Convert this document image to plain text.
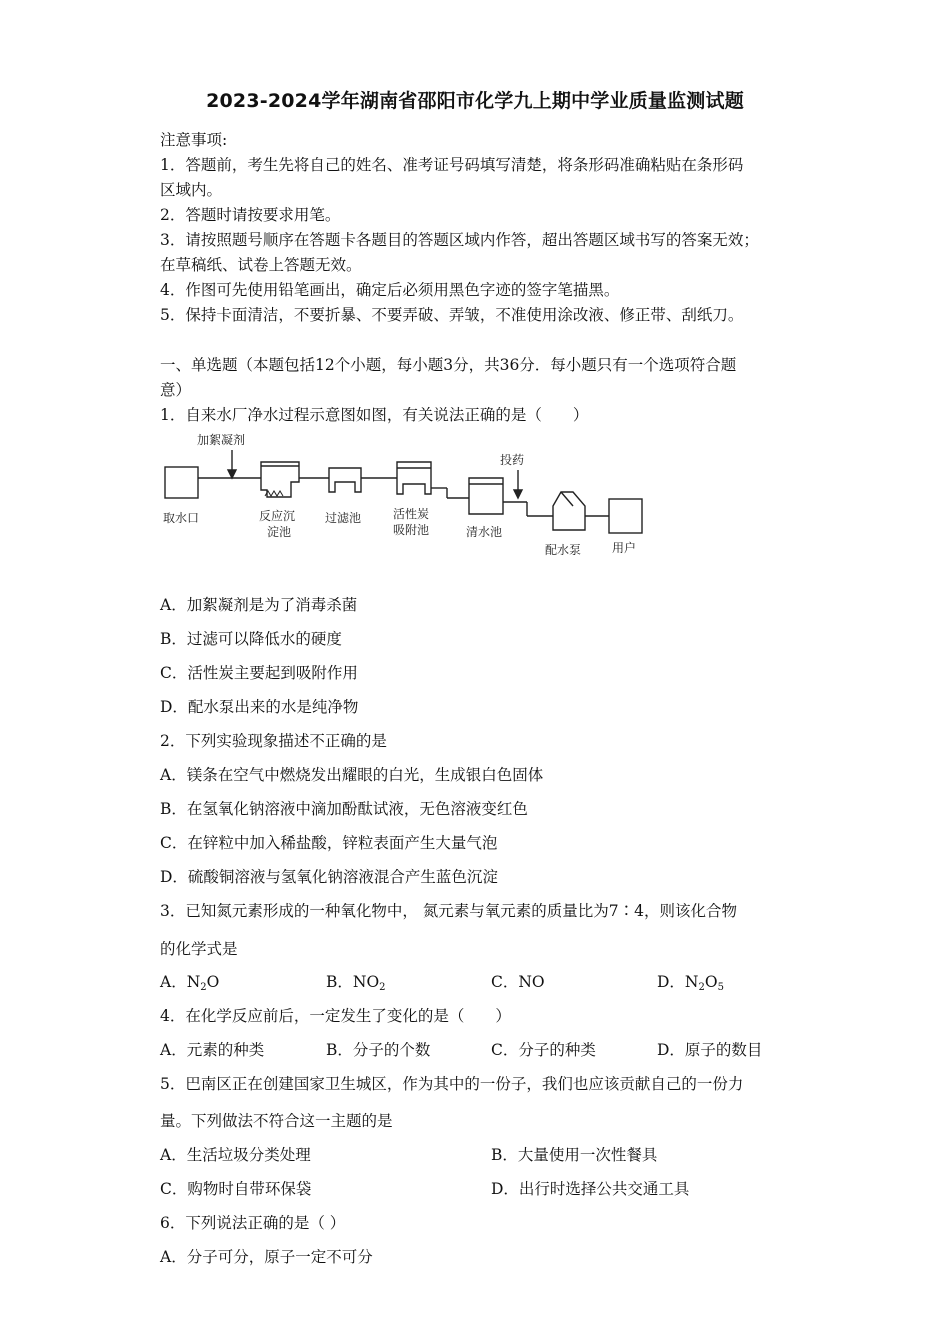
2023-2024学年湖南省邵阳市化学九上期中学业质量监测试题
注意事项:
1．答题前，考生先将自己的姓名、准考证号码填写清楚，将条形码准确粘贴在条形码
区域内。
2．答题时请按要求用笔。
3．请按照题号顺序在答题卡各题目的答题区域内作答，超出答题区域书写的答案无效；
在草稿纸、试卷上答题无效。
4．作图可先使用铅笔画出，确定后必须用黑色字迹的签字笔描黑。
5．保持卡面清洁，不要折暴、不要弄破、弄皱，不准使用涂改液、修正带、刮纸刀。
一、单选题（本题包括12个小题，每小题3分，共36分．每小题只有一个选项符合题
意）
1．自来水厂净水过程示意图如图，有关说法正确的是（　　）
加絮凝剂
投药
取水口	反应沉
淀池
过滤池	活性炭
吸附池	清水池
配水泵	用户
A．加絮凝剂是为了消毒杀菌
B．过滤可以降低水的硬度
C．活性炭主要起到吸附作用
D．配水泵出来的水是纯净物
2．下列实验现象描述不正确的是
A．镁条在空气中燃烧发出耀眼的白光，生成银白色固体
B．在氢氧化钠溶液中滴加酚酞试液，无色溶液变红色
C．在锌粒中加入稀盐酸，锌粒表面产生大量气泡
D．硫酸铜溶液与氢氧化钠溶液混合产生蓝色沉淀
3．已知氮元素形成的一种氧化物中， 氮元素与氧元素的质量比为7∶4，则该化合物
的化学式是
A．$N_2O$	B．$NO_2$	C．NO	D．$N_2O_5$
4．在化学反应前后，一定发生了变化的是（　　）
A．元素的种类	B．分子的个数	C．分子的种类	D．原子的数目
5．巴南区正在创建国家卫生城区，作为其中的一份子，我们也应该贡献自己的一份力
量。下列做法不符合这一主题的是
A．生活垃圾分类处理	B．大量使用一次性餐具
C．购物时自带环保袋	D．出行时选择公共交通工具
6．下列说法正确的是（ ）
A．分子可分，原子一定不可分
